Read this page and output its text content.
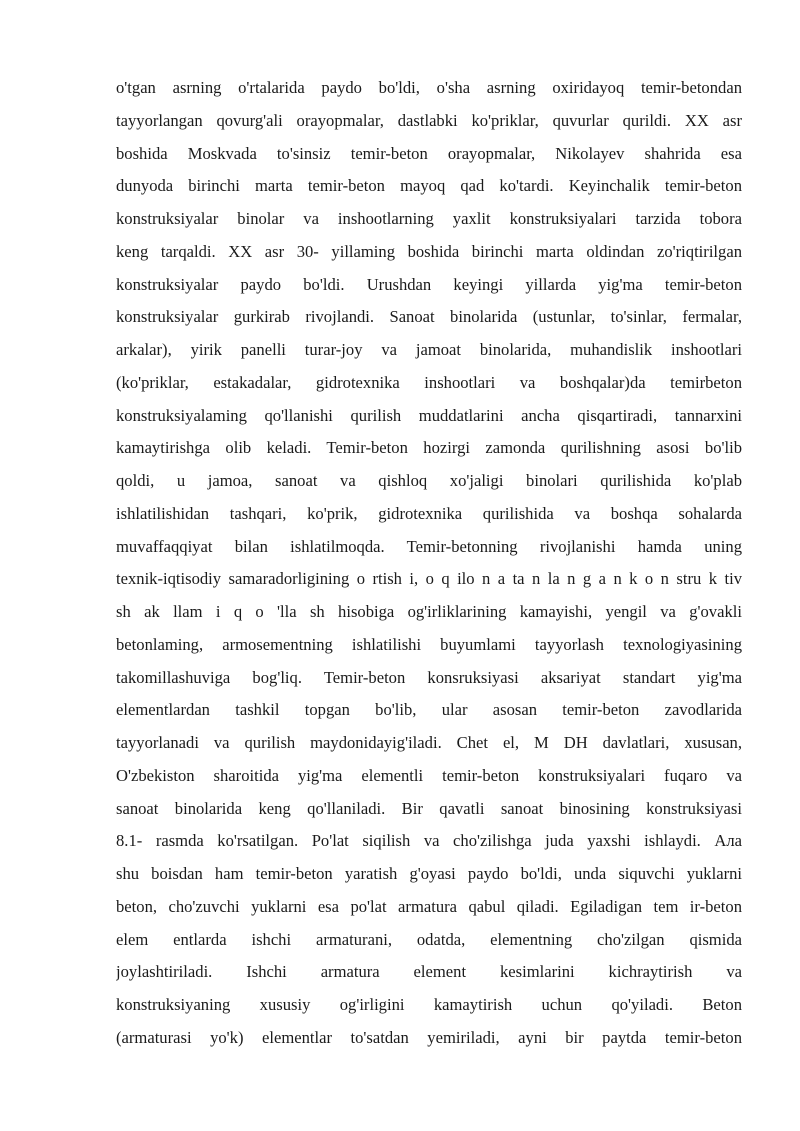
o'tgan asrning o'rtalarida paydo bo'ldi, o'sha asrning oxiridayoq temir-betondan
tayyorlangan qovurg'ali orayopmalar, dastlabki ko'priklar, quvurlar qurildi. XX asr
boshida Moskvada to'sinsiz temir-beton orayopmalar, Nikolayev shahrida esa
dunyoda birinchi marta temir-beton mayoq qad ko'tardi. Keyinchalik temir-beton
konstruksiyalar binolar va inshootlarning yaxlit konstruksiyalari tarzida tobora
keng tarqaldi. XX asr 30- yillaming boshida birinchi marta oldindan zo'riqtirilgan
konstruksiyalar paydo bo'ldi. Urushdan keyingi yillarda yig'ma temir-beton
konstruksiyalar gurkirab rivojlandi. Sanoat binolarida (ustunlar, to'sinlar, fermalar,
arkalar), yirik panelli turar-joy va jamoat binolarida, muhandislik inshootlari
(ko'priklar, estakadalar, gidrotexnika inshootlari va boshqalar)da temirbeton
konstruksiyalaming qo'llanishi qurilish muddatlarini ancha qisqartiradi, tannarxini
kamaytirishga olib keladi. Temir-beton hozirgi zamonda qurilishning asosi bo'lib
qoldi, u jamoa, sanoat va qishloq xo'jaligi binolari qurilishida ko'plab
ishlatilishidan tashqari, ko'prik, gidrotexnika qurilishida va boshqa sohalarda
muvaffaqqiyat bilan ishlatilmoqda. Temir-betonning rivojlanishi hamda uning
texnik-iqtisodiy samaradorligining o rtish i, o q ilo n a ta n la n g a n k o n stru k tiv
sh ak llam i q o 'lla sh hisobiga og'irliklarining kamayishi, yengil va g'ovakli
betonlaming, armosementning ishlatilishi buyumlami tayyorlash texnologiyasining
takomillashuviga bog'liq. Temir-beton konsruksiyasi aksariyat standart yig'ma
elementlardan tashkil topgan bo'lib, ular asosan temir-beton zavodlarida
tayyorlanadi va qurilish maydonidayig'iladi. Chet el, M DH davlatlari, xususan,
O'zbekiston sharoitida yig'ma elementli temir-beton konstruksiyalari fuqaro va
sanoat binolarida keng qo'llaniladi. Bir qavatli sanoat binosining konstruksiyasi
8.1- rasmda ko'rsatilgan. Po'lat siqilish va cho'zilishga juda yaxshi ishlaydi. Ала
shu boisdan ham temir-beton yaratish g'oyasi paydo bo'ldi, unda siquvchi yuklarni
beton, cho'zuvchi yuklarni esa po'lat armatura qabul qiladi. Egiladigan tem ir-beton
elem entlarda ishchi armaturani, odatda, elementning cho'zilgan qismida
joylashtiriladi. Ishchi armatura element kesimlarini kichraytirish va
konstruksiyaning xususiy og'irligini kamaytirish uchun qo'yiladi. Beton
(armaturasi yo'k) elementlar to'satdan yemiriladi, ayni bir paytda temir-beton
